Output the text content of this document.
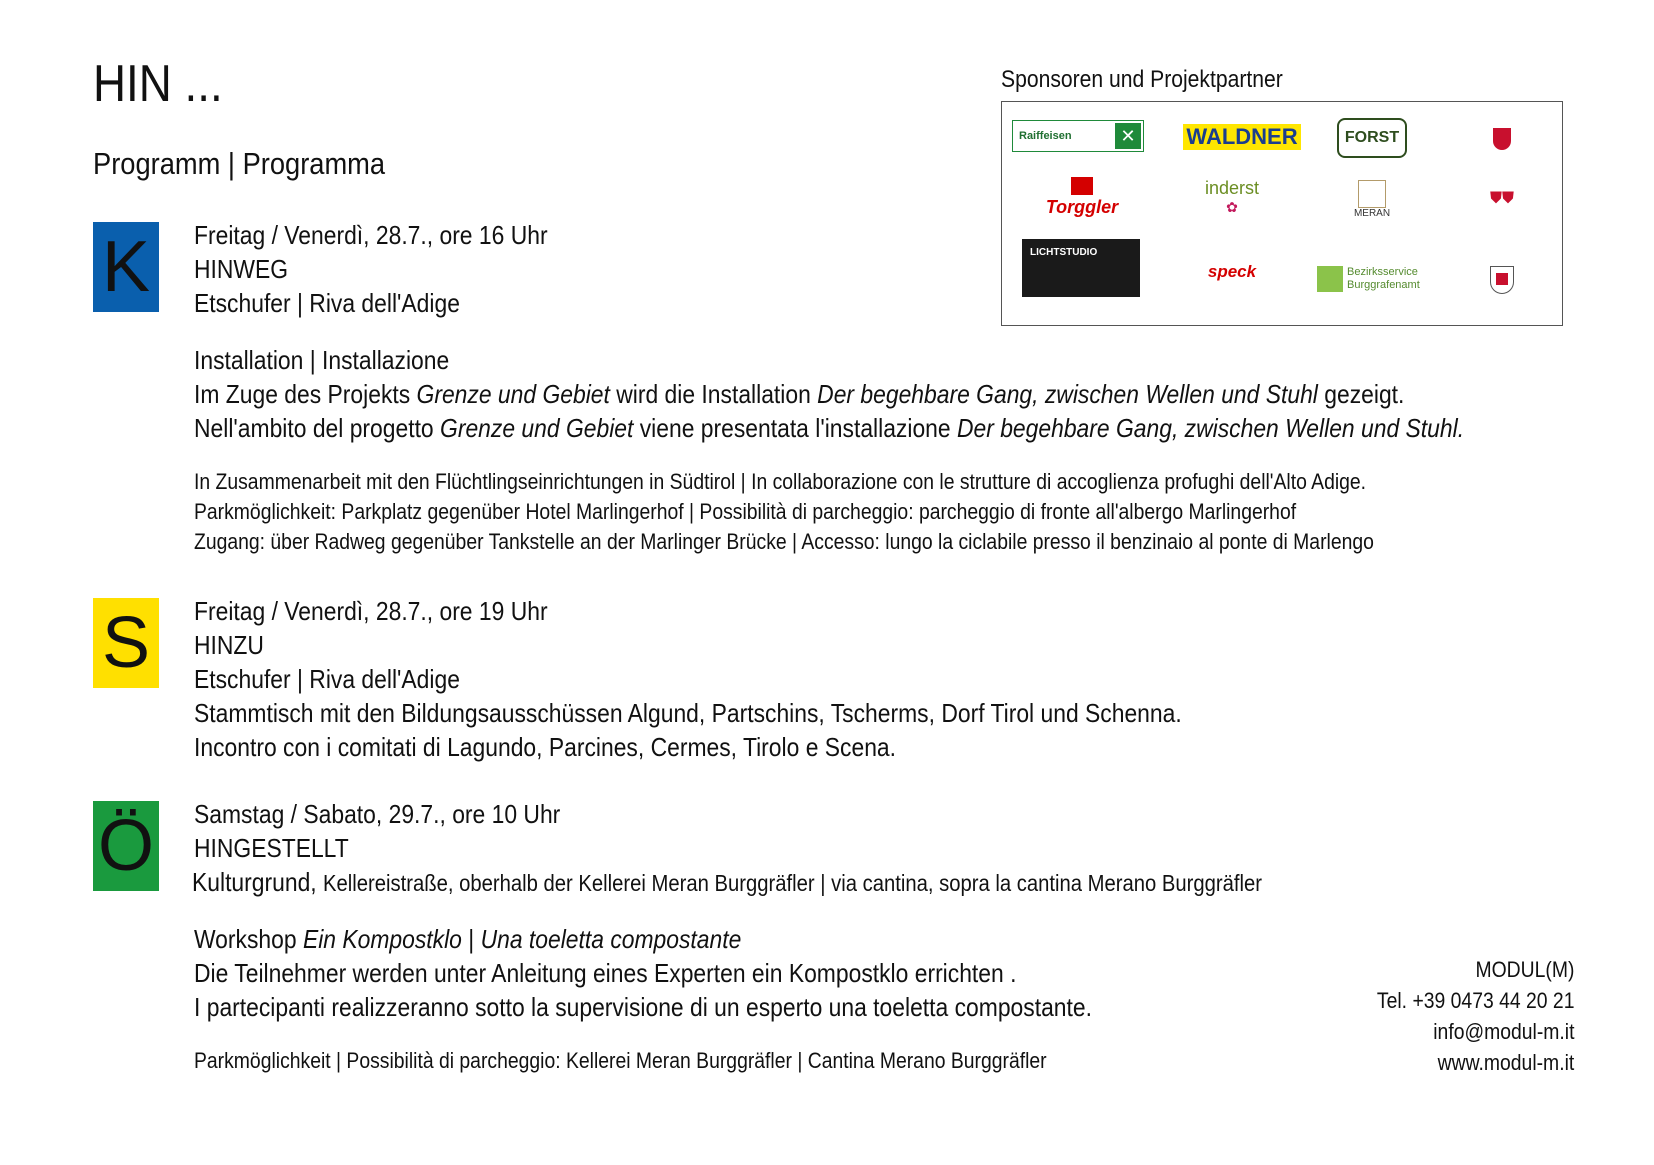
HIN ...
Programm | Programma
Sponsoren und Projektpartner
Raiffeisen	✕ WALDNER	FORST
Torggler
inderst
✿	MERAN
⛊⛊
LICHTSTUDIO
speck	Bezirksservice
Burggrafenamt
K	Freitag / Venerdì, 28.7., ore 16 Uhr
HINWEG
Etschufer | Riva dell'Adige
Installation | Installazione
Im Zuge des Projekts Grenze und Gebiet wird die Installation Der begehbare Gang, zwischen Wellen und Stuhl gezeigt.
Nell'ambito del progetto Grenze und Gebiet viene presentata l'installazione Der begehbare Gang, zwischen Wellen und Stuhl.
In Zusammenarbeit mit den Flüchtlingseinrichtungen in Südtirol | In collaborazione con le strutture di accoglienza profughi dell'Alto Adige.
Parkmöglichkeit: Parkplatz gegenüber Hotel Marlingerhof | Possibilità di parcheggio: parcheggio di fronte all'albergo Marlingerhof
Zugang: über Radweg gegenüber Tankstelle an der Marlinger Brücke | Accesso: lungo la ciclabile presso il benzinaio al ponte di Marlengo
S	Freitag / Venerdì, 28.7., ore 19 Uhr
HINZU
Etschufer | Riva dell'Adige
Stammtisch mit den Bildungsausschüssen Algund, Partschins, Tscherms, Dorf Tirol und Schenna.
Incontro con i comitati di Lagundo, Parcines, Cermes, Tirolo e Scena.
Ö Samstag / Sabato, 29.7., ore 10 Uhr
HINGESTELLT
Kulturgrund, Kellereistraße, oberhalb der Kellerei Meran Burggräfler | via cantina, sopra la cantina Merano Burggräfler
Workshop Ein Kompostklo | Una toeletta compostante
Die Teilnehmer werden unter Anleitung eines Experten ein Kompostklo errichten .
I partecipanti realizzeranno sotto la supervisione di un esperto una toeletta compostante.
Parkmöglichkeit | Possibilità di parcheggio: Kellerei Meran Burggräfler | Cantina Merano Burggräfler
MODUL(M)
Tel. +39 0473 44 20 21
info@modul-m.it
www.modul-m.it
